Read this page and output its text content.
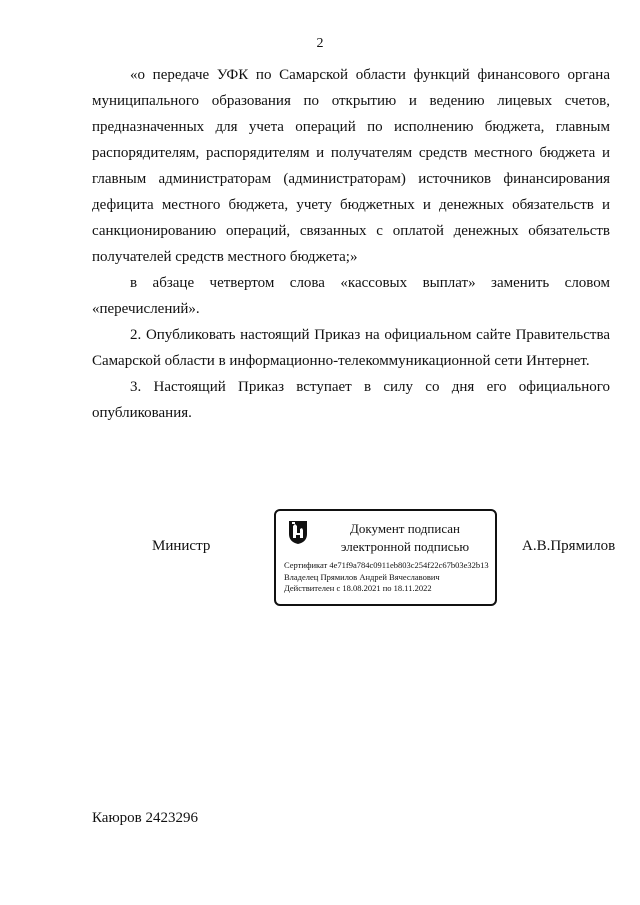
2

«о передаче УФК по Самарской области функций финансового органа муниципального образования по открытию и ведению лицевых счетов, предназначенных для учета операций по исполнению бюджета, главным распорядителям, распорядителям и получателям средств местного бюджета и главным администраторам (администраторам) источников финансирования дефицита местного бюджета, учету бюджетных и денежных обязательств и санкционированию операций, связанных с оплатой денежных обязательств получателей средств местного бюджета;»

в абзаце четвертом слова «кассовых выплат» заменить словом «перечислений».

2. Опубликовать настоящий Приказ на официальном сайте Правительства Самарской области в информационно-телекоммуникационной сети Интернет.

3. Настоящий Приказ вступает в силу со дня его официального опубликования.

Министр
Документ подписан
электронной подписью
Сертификат 4e71f9a784c0911eb803c254f22c67b03e32b13
Владелец Прямилов Андрей Вячеславович
Действителен с 18.08.2021 по 18.11.2022
А.В.Прямилов
Каюров 2423296
